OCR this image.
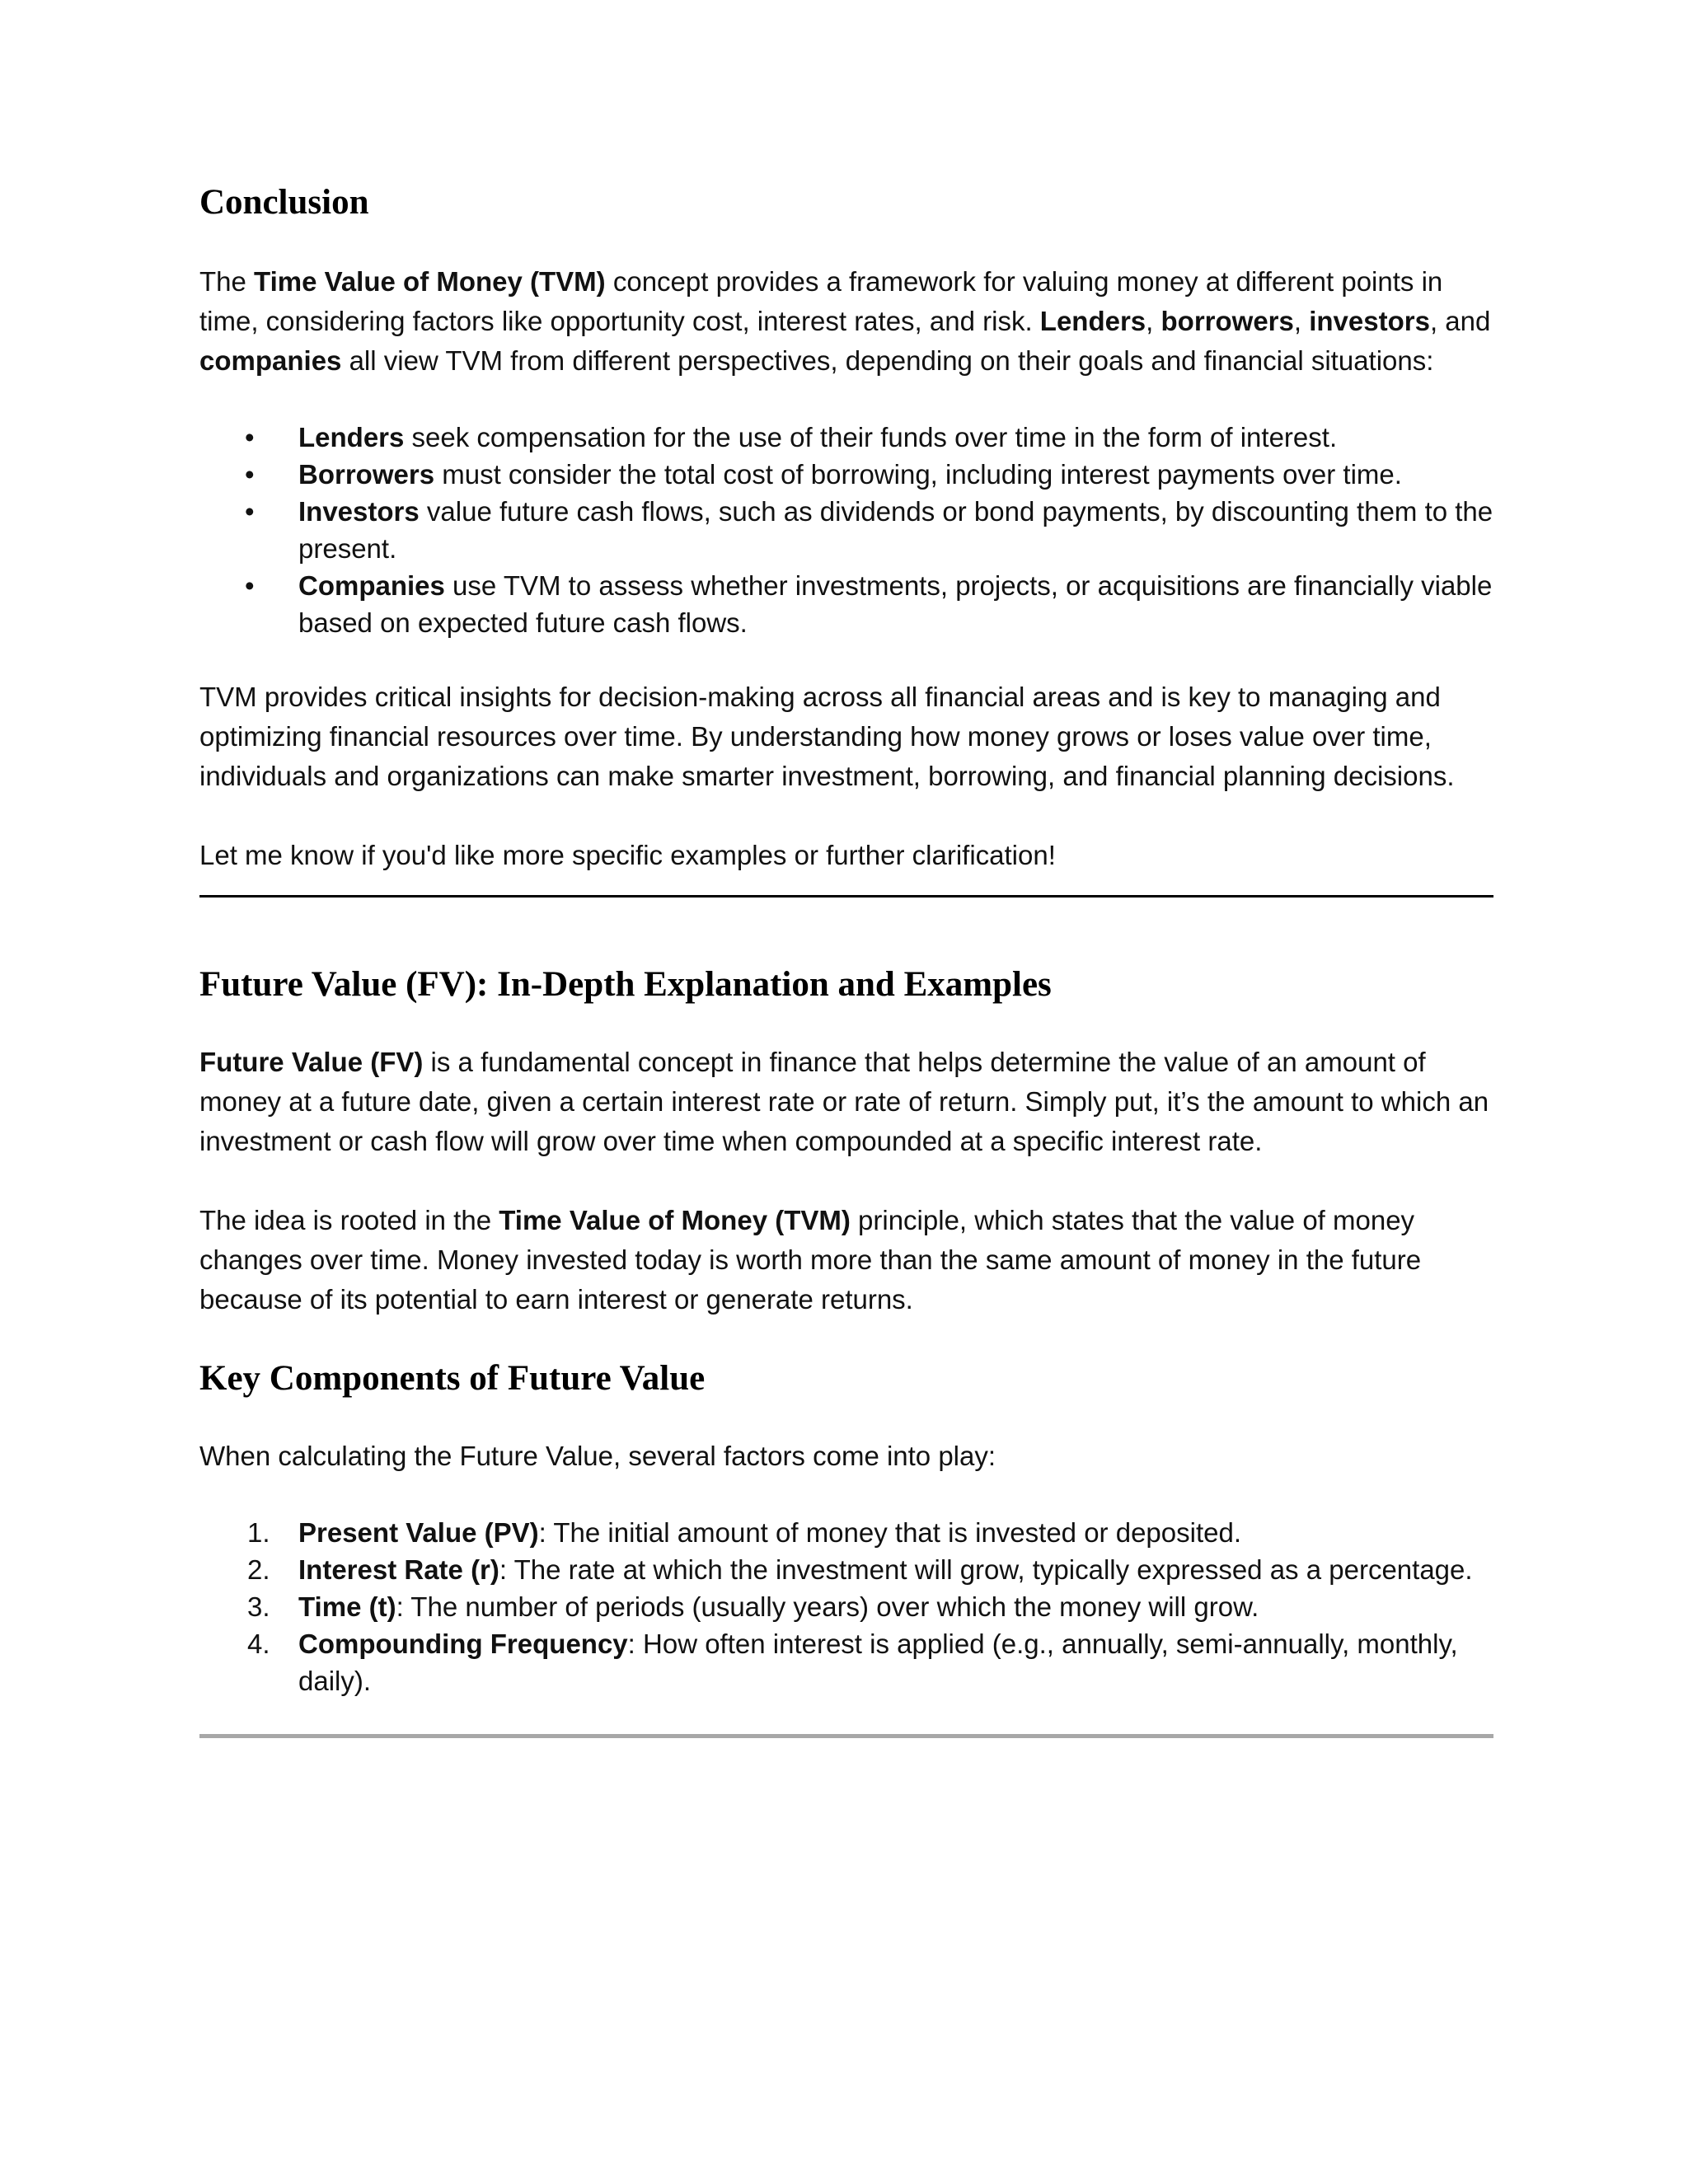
Conclusion

The Time Value of Money (TVM) concept provides a framework for valuing money at different points in time, considering factors like opportunity cost, interest rates, and risk. Lenders, borrowers, investors, and companies all view TVM from different perspectives, depending on their goals and financial situations:

• Lenders seek compensation for the use of their funds over time in the form of interest.
• Borrowers must consider the total cost of borrowing, including interest payments over time.
• Investors value future cash flows, such as dividends or bond payments, by discounting them to the present.
• Companies use TVM to assess whether investments, projects, or acquisitions are financially viable based on expected future cash flows.

TVM provides critical insights for decision-making across all financial areas and is key to managing and optimizing financial resources over time. By understanding how money grows or loses value over time, individuals and organizations can make smarter investment, borrowing, and financial planning decisions.

Let me know if you'd like more specific examples or further clarification!

Future Value (FV): In-Depth Explanation and Examples

Future Value (FV) is a fundamental concept in finance that helps determine the value of an amount of money at a future date, given a certain interest rate or rate of return. Simply put, it’s the amount to which an investment or cash flow will grow over time when compounded at a specific interest rate.

The idea is rooted in the Time Value of Money (TVM) principle, which states that the value of money changes over time. Money invested today is worth more than the same amount of money in the future because of its potential to earn interest or generate returns.

Key Components of Future Value

When calculating the Future Value, several factors come into play:

1. Present Value (PV): The initial amount of money that is invested or deposited.
2. Interest Rate (r): The rate at which the investment will grow, typically expressed as a percentage.
3. Time (t): The number of periods (usually years) over which the money will grow.
4. Compounding Frequency: How often interest is applied (e.g., annually, semi-annually, monthly, daily).
